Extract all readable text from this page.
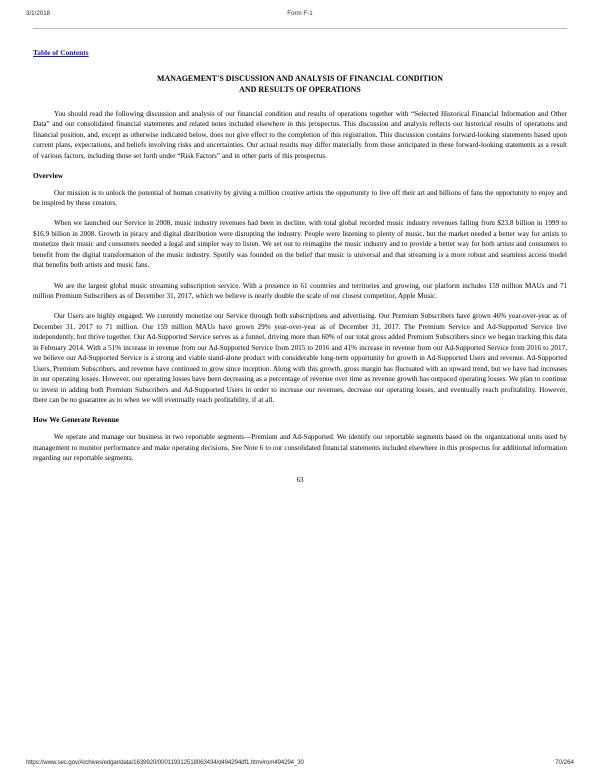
3/1/2018	Form F-1
Table of Contents
MANAGEMENT'S DISCUSSION AND ANALYSIS OF FINANCIAL CONDITION
AND RESULTS OF OPERATIONS

You should read the following discussion and analysis of our financial condition and results of operations together with “Selected Historical Financial Information and Other Data” and our consolidated financial statements and related notes included elsewhere in this prospectus. This discussion and analysis reflects our historical results of operations and financial position, and, except as otherwise indicated below, does not give effect to the completion of this registration. This discussion contains forward-looking statements based upon current plans, expectations, and beliefs involving risks and uncertainties. Our actual results may differ materially from those anticipated in these forward-looking statements as a result of various factors, including those set forth under “Risk Factors” and in other parts of this prospectus.

Overview

Our mission is to unlock the potential of human creativity by giving a million creative artists the opportunity to live off their art and billions of fans the opportunity to enjoy and be inspired by these creators.

When we launched our Service in 2008, music industry revenues had been in decline, with total global recorded music industry revenues falling from $23.8 billion in 1999 to $16.9 billion in 2008. Growth in piracy and digital distribution were disrupting the industry. People were listening to plenty of music, but the market needed a better way for artists to monetize their music and consumers needed a legal and simpler way to listen. We set out to reimagine the music industry and to provide a better way for both artists and consumers to benefit from the digital transformation of the music industry. Spotify was founded on the belief that music is universal and that streaming is a more robust and seamless access model that benefits both artists and music fans.

We are the largest global music streaming subscription service. With a presence in 61 countries and territories and growing, our platform includes 159 million MAUs and 71 million Premium Subscribers as of December 31, 2017, which we believe is nearly double the scale of our closest competitor, Apple Music.

Our Users are highly engaged. We currently monetize our Service through both subscriptions and advertising. Our Premium Subscribers have grown 46% year-over-year as of December 31, 2017 to 71 million. Our 159 million MAUs have grown 29% year-over-year as of December 31, 2017. The Premium Service and Ad-Supported Service live independently, but thrive together. Our Ad-Supported Service serves as a funnel, driving more than 60% of our total gross added Premium Subscribers since we began tracking this data in February 2014. With a 51% increase in revenue from our Ad-Supported Service from 2015 to 2016 and 41% increase in revenue from our Ad-Supported Service from 2016 to 2017, we believe our Ad-Supported Service is a strong and viable stand-alone product with considerable long-term opportunity for growth in Ad-Supported Users and revenue. Ad-Supported Users, Premium Subscribers, and revenue have continued to grow since inception. Along with this growth, gross margin has fluctuated with an upward trend, but we have had increases in our operating losses. However, our operating losses have been decreasing as a percentage of revenue over time as revenue growth has outpaced operating losses. We plan to continue to invest in adding both Premium Subscribers and Ad-Supported Users in order to increase our revenues, decrease our operating losses, and eventually reach profitability. However, there can be no guarantee as to when we will eventually reach profitability, if at all.

How We Generate Revenue

We operate and manage our business in two reportable segments—Premium and Ad-Supported. We identify our reportable segments based on the organizational units used by management to monitor performance and make operating decisions. See Note 6 to our consolidated financial statements included elsewhere in this prospectus for additional information regarding our reportable segments.

63
https://www.sec.gov/Archives/edgar/data/1639920/000119312518063434/d494294df1.htm#rom494294_30	70/264
